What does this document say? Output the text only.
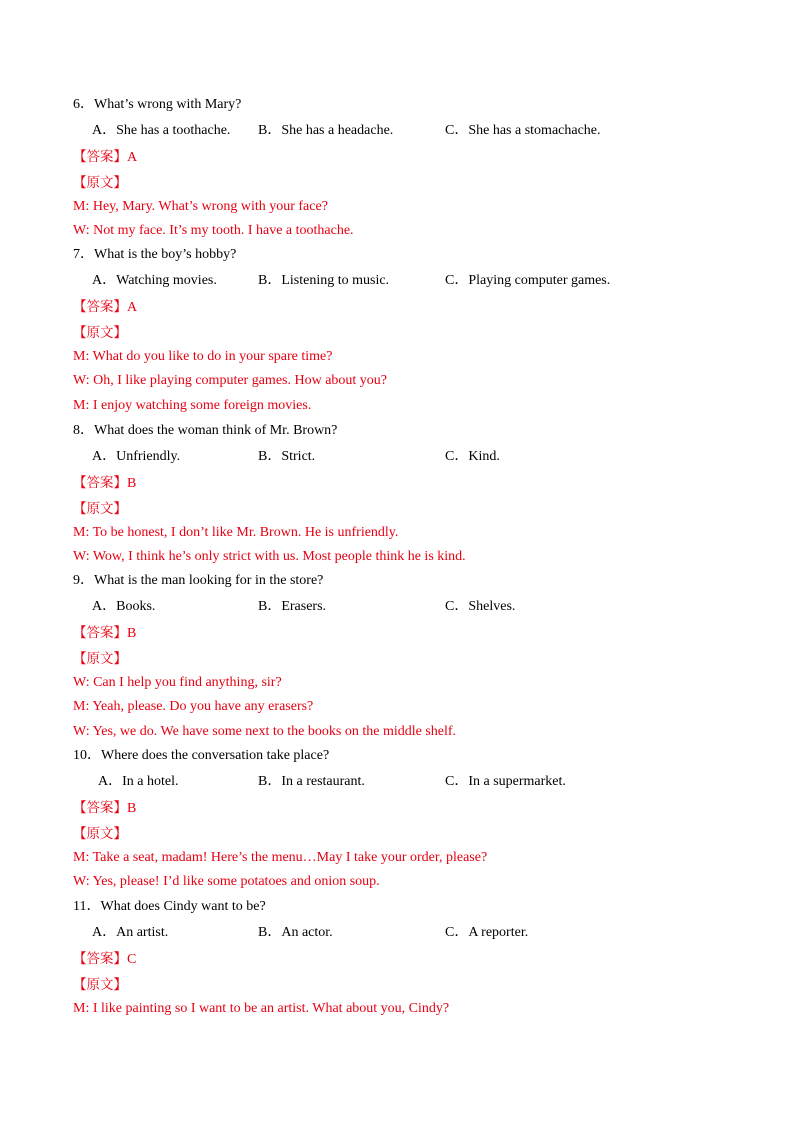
6．What’s wrong with Mary?
A．She has a toothache. B．She has a headache.	C．She has a stomachache.
【答案】A
【原文】
M: Hey, Mary. What’s wrong with your face?
W: Not my face. It’s my tooth. I have a toothache.
7．What is the boy’s hobby?
A．Watching movies.	B．Listening to music.	C．Playing computer games.
【答案】A
【原文】
M: What do you like to do in your spare time?
W: Oh, I like playing computer games. How about you?
M: I enjoy watching some foreign movies.
8．What does the woman think of Mr. Brown?
A．Unfriendly.	B．Strict.	C．Kind.
【答案】B
【原文】
M: To be honest, I don’t like Mr. Brown. He is unfriendly.
W: Wow, I think he’s only strict with us. Most people think he is kind.
9．What is the man looking for in the store?
A．Books.	B．Erasers.	C．Shelves.
【答案】B
【原文】
W: Can I help you find anything, sir?
M: Yeah, please. Do you have any erasers?
W: Yes, we do. We have some next to the books on the middle shelf.
10．Where does the conversation take place?
A．In a hotel.	B．In a restaurant.	C．In a supermarket.
【答案】B
【原文】
M: Take a seat, madam! Here’s the menu…May I take your order, please?
W: Yes, please! I’d like some potatoes and onion soup.
11．What does Cindy want to be?
A．An artist.	B．An actor.	C．A reporter.
【答案】C
【原文】
M: I like painting so I want to be an artist. What about you, Cindy?
